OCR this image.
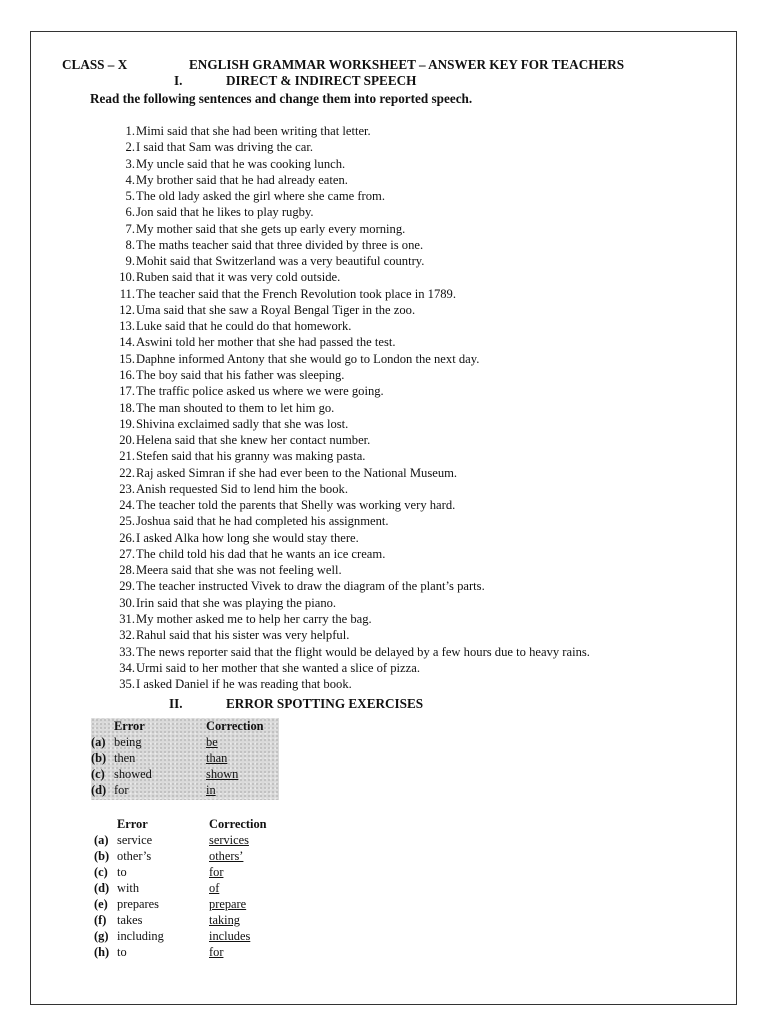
CLASS – X	ENGLISH GRAMMAR WORKSHEET – ANSWER KEY FOR TEACHERS
I.	DIRECT & INDIRECT SPEECH
Read the following sentences and change them into reported speech.
1. Mimi said that she had been writing that letter.
2. I said that Sam was driving the car.
3. My uncle said that he was cooking lunch.
4. My brother said that he had already eaten.
5. The old lady asked the girl where she came from.
6. Jon said that he likes to play rugby.
7. My mother said that she gets up early every morning.
8. The maths teacher said that three divided by three is one.
9. Mohit said that Switzerland was a very beautiful country.
10. Ruben said that it was very cold outside.
11. The teacher said that the French Revolution took place in 1789.
12. Uma said that she saw a Royal Bengal Tiger in the zoo.
13. Luke said that he could do that homework.
14. Aswini told her mother that she had passed the test.
15. Daphne informed Antony that she would go to London the next day.
16. The boy said that his father was sleeping.
17. The traffic police asked us where we were going.
18. The man shouted to them to let him go.
19. Shivina exclaimed sadly that she was lost.
20. Helena said that she knew her contact number.
21. Stefen said that his granny was making pasta.
22. Raj asked Simran if she had ever been to the National Museum.
23. Anish requested Sid to lend him the book.
24. The teacher told the parents that Shelly was working very hard.
25. Joshua said that he had completed his assignment.
26. I asked Alka how long she would stay there.
27. The child told his dad that he wants an ice cream.
28. Meera said that she was not feeling well.
29. The teacher instructed Vivek to draw the diagram of the plant’s parts.
30. Irin said that she was playing the piano.
31. My mother asked me to help her carry the bag.
32. Rahul said that his sister was very helpful.
33. The news reporter said that the flight would be delayed by a few hours due to heavy rains.
34. Urmi said to her mother that she wanted a slice of pizza.
35. I asked Daniel if he was reading that book.
II.	ERROR SPOTTING EXERCISES
Error	Correction
(a) being	be
(b) then	than
(c) showed	shown
(d) for	in
Error	Correction
(a) service	services
(b) other’s	others’
(c) to	for
(d) with	of
(e) prepares	prepare
(f) takes	taking
(g) including	includes
(h) to	for
